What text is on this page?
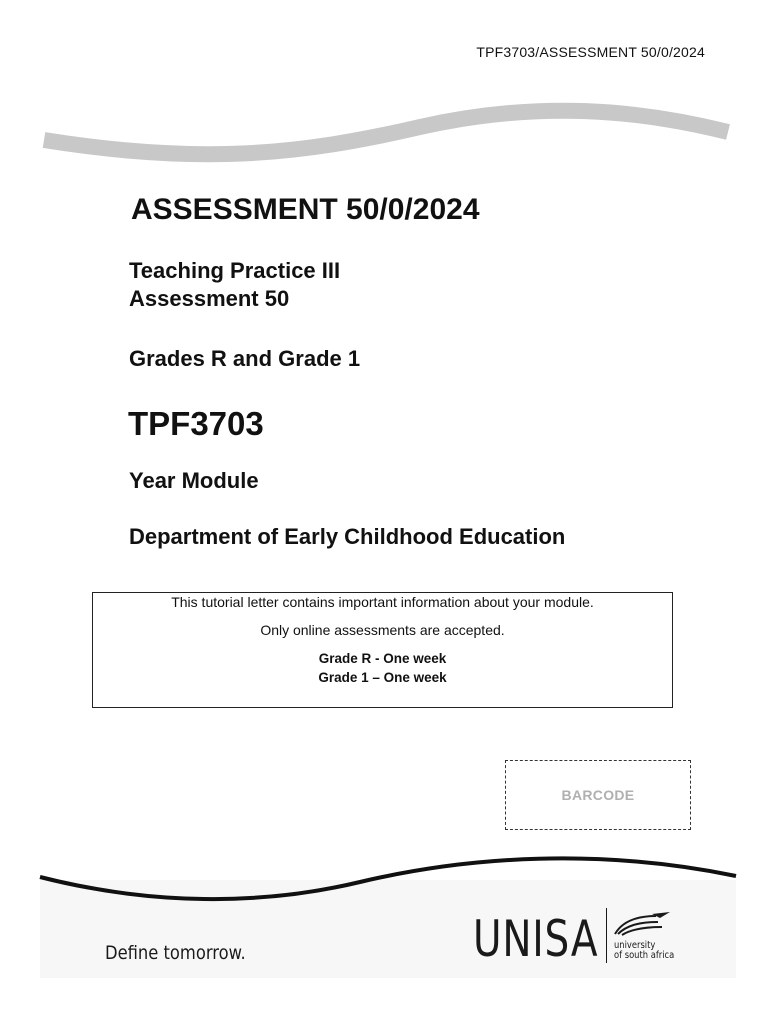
TPF3703/ASSESSMENT 50/0/2024
ASSESSMENT 50/0/2024
Teaching Practice III
Assessment 50
Grades R and Grade 1
TPF3703
Year Module
Department of Early Childhood Education
This tutorial letter contains important information about your module.
Only online assessments are accepted.
Grade R - One week
Grade 1 – One week
BARCODE
Define tomorrow.	UNISA university
of south africa
